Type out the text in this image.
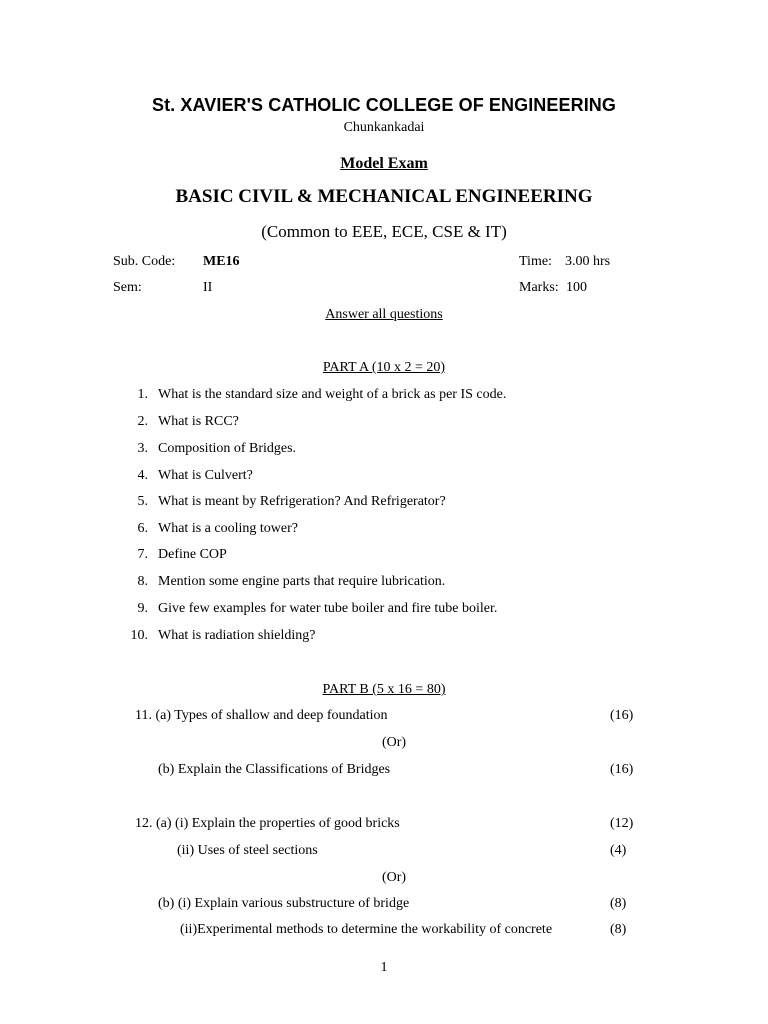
St. XAVIER'S CATHOLIC COLLEGE OF ENGINEERING
Chunkankadai
Model Exam
BASIC CIVIL & MECHANICAL ENGINEERING
(Common to EEE, ECE, CSE & IT)
Sub. Code: ME16	Time: 3.00 hrs
Sem:	II	Marks: 100
Answer all questions
PART A (10 x 2 = 20)
1. What is the standard size and weight of a brick as per IS code.
2. What is RCC?
3. Composition of Bridges.
4. What is Culvert?
5. What is meant by Refrigeration? And Refrigerator?
6. What is a cooling tower?
7. Define COP
8. Mention some engine parts that require lubrication.
9. Give few examples for water tube boiler and fire tube boiler.
10. What is radiation shielding?
PART B (5 x 16 = 80)
11. (a) Types of shallow and deep foundation	(16)
(Or)
(b) Explain the Classifications of Bridges	(16)
12. (a) (i) Explain the properties of good bricks	(12)
(ii) Uses of steel sections	(4)
(Or)
(b) (i) Explain various substructure of bridge	(8)
(ii)Experimental methods to determine the workability of concrete	(8)
1
